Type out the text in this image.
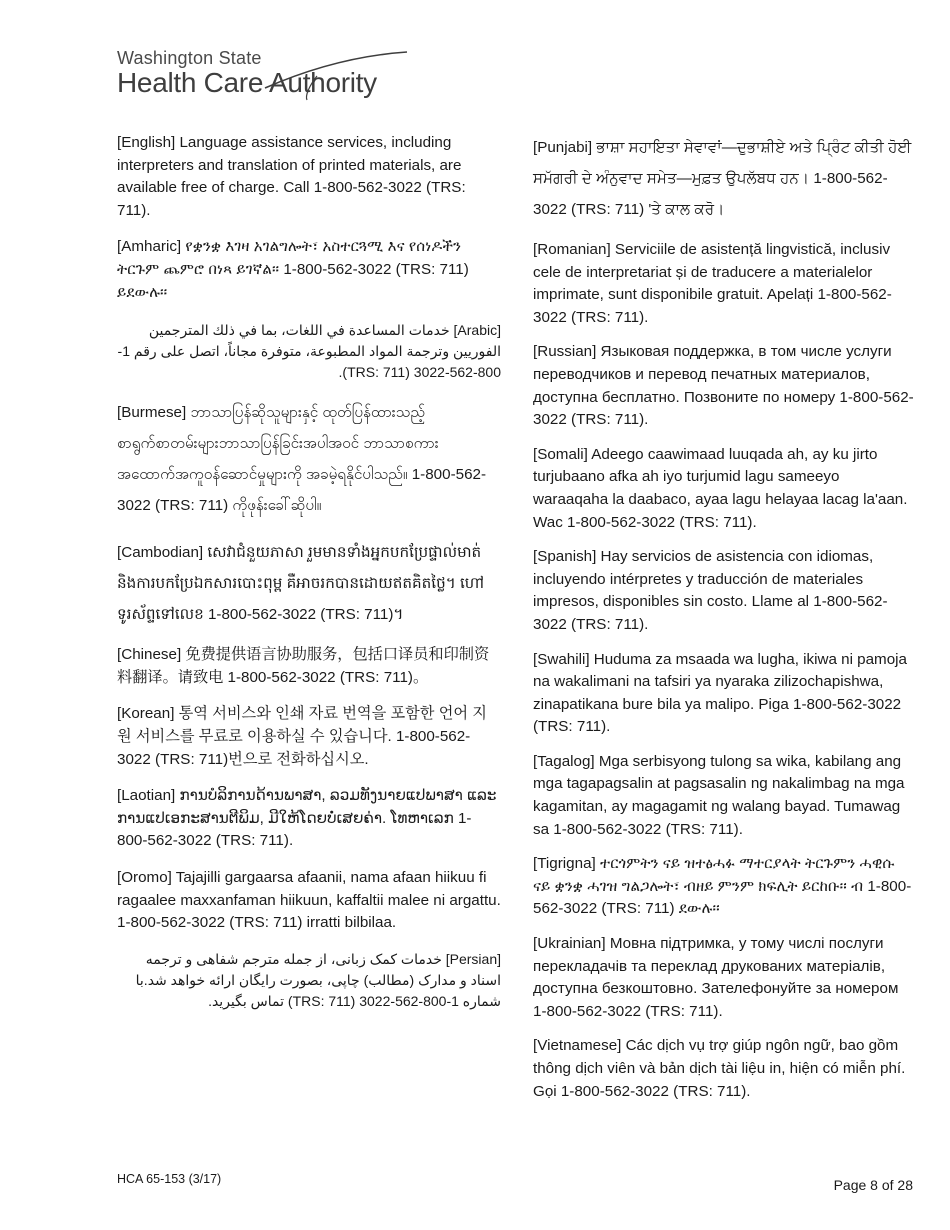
Washington State
Health Care Authority

[English] Language assistance services, including interpreters and translation of printed materials, are available free of charge. Call 1-800-562-3022 (TRS: 711).

[Amharic] የቋንቋ እገዛ አገልግሎት፣ አስተርጓሚ እና የሰነዶችን ትርጉም ጨምሮ በነጻ ይገኛል፡፡ 1-800-562-3022 (TRS: 711) ይደውሉ፡፡

[Arabic] خدمات المساعدة في اللغات، بما في ذلك المترجمين الفوريين وترجمة المواد المطبوعة، متوفرة مجاناً، اتصل على رقم 1-800-562-3022 (TRS: 711).

[Burmese] ဘာသာပြန်ဆိုသူများနှင့် ထုတ်ပြန်ထားသည့် စာရွက်စာတမ်းများဘာသာပြန်ခြင်းအပါအဝင် ဘာသာစကားအထောက်အကူဝန်ဆောင်မှုများကို အခမဲ့ရနိုင်ပါသည်။ 1-800-562-3022 (TRS: 711) ကိုဖုန်းခေါ်ဆိုပါ။

[Cambodian] សេវាជំនួយភាសា រួមមានទាំងអ្នកបកប្រែផ្ទាល់មាត់ និងការបកប្រែឯកសារបោះពុម្ព គឺអាចរកបានដោយឥតគិតថ្លៃ។ ហៅទូរស័ព្ទទៅលេខ 1-800-562-3022 (TRS: 711)។

[Chinese] 免费提供语言协助服务，包括口译员和印制资料翻译。请致电 1-800-562-3022 (TRS: 711)。

[Korean] 통역 서비스와 인쇄 자료 번역을 포함한 언어 지원 서비스를 무료로 이용하실 수 있습니다. 1-800-562-3022 (TRS: 711)번으로 전화하십시오.

[Laotian] ການບໍລິການດ້ານພາສາ, ລວມທັງນາຍແປພາສາ ແລະ ການແປເອກະສານຕີພິມ, ມີໃຫ້ໂດຍບໍ່ເສຍຄ່າ. ໂທຫາເລກ 1-800-562-3022 (TRS: 711).

[Oromo] Tajajilli gargaarsa afaanii, nama afaan hiikuu fi ragaalee maxxanfaman hiikuun, kaffaltii malee ni argattu. 1-800-562-3022 (TRS: 711) irratti bilbilaa.

[Persian] خدمات کمک زبانی، از جمله مترجم شفاهی و ترجمه اسناد و مدارک (مطالب) چاپی، بصورت رایگان ارائه خواهد شد.با شماره 1-800-562-3022 (TRS: 711) تماس بگیرید.

[Punjabi] ਭਾਸ਼ਾ ਸਹਾਇਤਾ ਸੇਵਾਵਾਂ—ਦੁਭਾਸ਼ੀਏ ਅਤੇ ਪ੍ਰਿੰਟ ਕੀਤੀ ਹੋਈ ਸਮੱਗਰੀ ਦੇ ਅੰਨੁਵਾਦ ਸਮੇਤ—ਮੁਫ਼ਤ ਉਪਲੱਬਧ ਹਨ। 1-800-562-3022 (TRS: 711) 'ਤੇ ਕਾਲ ਕਰੋ।

[Romanian] Serviciile de asistență lingvistică, inclusiv cele de interpretariat și de traducere a materialelor imprimate, sunt disponibile gratuit. Apelați 1-800-562-3022 (TRS: 711).

[Russian] Языковая поддержка, в том числе услуги переводчиков и перевод печатных материалов, доступна бесплатно. Позвоните по номеру 1-800-562-3022 (TRS: 711).

[Somali] Adeego caawimaad luuqada ah, ay ku jirto turjubaano afka ah iyo turjumid lagu sameeyo waraaqaha la daabaco, ayaa lagu helayaa lacag la'aan. Wac 1-800-562-3022 (TRS: 711).

[Spanish] Hay servicios de asistencia con idiomas, incluyendo intérpretes y traducción de materiales impresos, disponibles sin costo. Llame al 1-800-562-3022 (TRS: 711).

[Swahili] Huduma za msaada wa lugha, ikiwa ni pamoja na wakalimani na tafsiri ya nyaraka zilizochapishwa, zinapatikana bure bila ya malipo. Piga 1-800-562-3022 (TRS: 711).

[Tagalog] Mga serbisyong tulong sa wika, kabilang ang mga tagapagsalin at pagsasalin ng nakalimbag na mga kagamitan, ay magagamit ng walang bayad. Tumawag sa 1-800-562-3022 (TRS: 711).

[Tigrigna] ተርጎምትን ናይ ዝተፅሓፉ ማተርያላት ትርጉምን ሓዊሱ ናይ ቋንቋ ሓገዝ ግልጋሎት፣ ብዘይ ምንም ክፍሊት ይርከቡ፡፡ ብ 1-800-562-3022 (TRS: 711) ደውሉ፡፡

[Ukrainian] Мовна підтримка, у тому числі послуги перекладачів та переклад друкованих матеріалів, доступна безкоштовно. Зателефонуйте за номером 1-800-562-3022 (TRS: 711).

[Vietnamese] Các dịch vụ trợ giúp ngôn ngữ, bao gồm thông dịch viên và bản dịch tài liệu in, hiện có miễn phí. Gọi 1-800-562-3022 (TRS: 711).

HCA 65-153 (3/17)	Page 8 of 28
